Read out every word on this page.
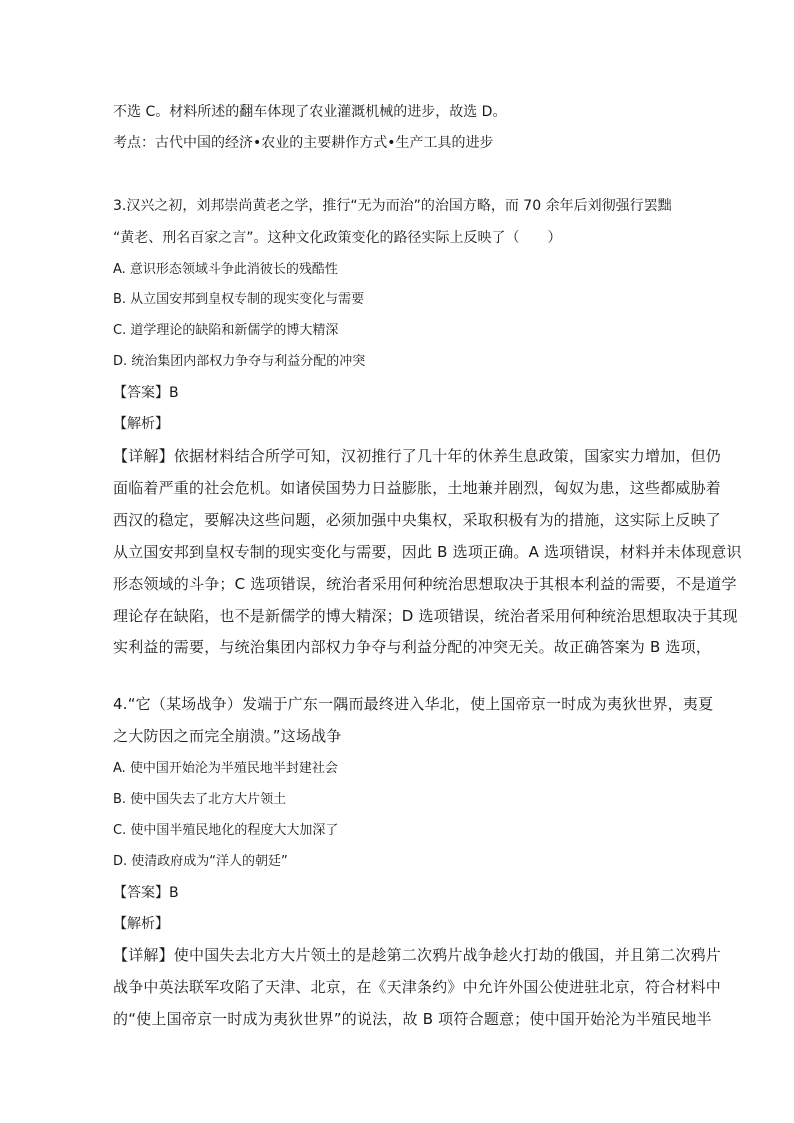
不选 C。材料所述的翻车体现了农业灌溉机械的进步，故选 D。
考点：古代中国的经济•农业的主要耕作方式•生产工具的进步
3.汉兴之初，刘邦崇尚黄老之学，推行“无为而治”的治国方略，而 70 余年后刘彻强行罢黜
“黄老、刑名百家之言”。这种文化政策变化的路径实际上反映了（　　）
A. 意识形态领域斗争此消彼长的残酷性
B. 从立国安邦到皇权专制的现实变化与需要
C. 道学理论的缺陷和新儒学的博大精深
D. 统治集团内部权力争夺与利益分配的冲突
【答案】B
【解析】
【详解】依据材料结合所学可知，汉初推行了几十年的休养生息政策，国家实力增加，但仍
面临着严重的社会危机。如诸侯国势力日益膨胀，土地兼并剧烈，匈奴为患，这些都威胁着
西汉的稳定，要解决这些问题，必须加强中央集权，采取积极有为的措施，这实际上反映了
从立国安邦到皇权专制的现实变化与需要，因此 B 选项正确。A 选项错误，材料并未体现意识
形态领域的斗争；C 选项错误，统治者采用何种统治思想取决于其根本利益的需要，不是道学
理论存在缺陷，也不是新儒学的博大精深；D 选项错误，统治者采用何种统治思想取决于其现
实利益的需要，与统治集团内部权力争夺与利益分配的冲突无关。故正确答案为 B 选项，
4.“它（某场战争）发端于广东一隅而最终进入华北，使上国帝京一时成为夷狄世界，夷夏
之大防因之而完全崩溃。”这场战争
A. 使中国开始沦为半殖民地半封建社会
B. 使中国失去了北方大片领土
C. 使中国半殖民地化的程度大大加深了
D. 使清政府成为“洋人的朝廷”
【答案】B
【解析】
【详解】使中国失去北方大片领土的是趁第二次鸦片战争趁火打劫的俄国，并且第二次鸦片
战争中英法联军攻陷了天津、北京，在《天津条约》中允许外国公使进驻北京，符合材料中
的“使上国帝京一时成为夷狄世界”的说法，故 B 项符合题意；使中国开始沦为半殖民地半
